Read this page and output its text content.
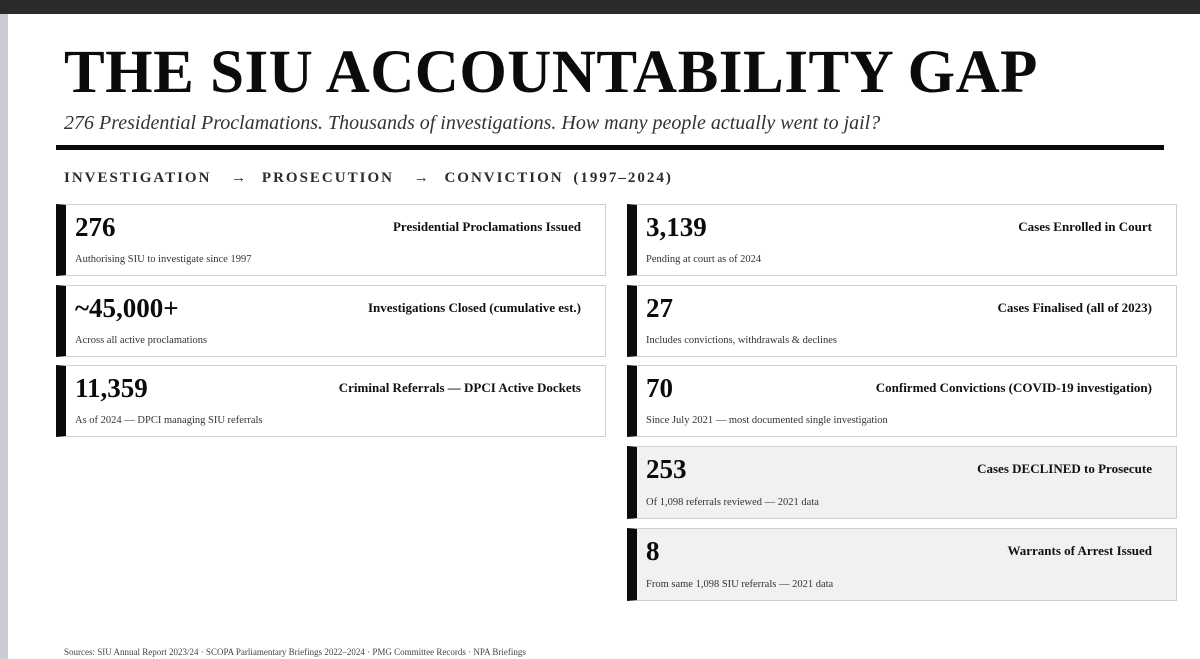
THE SIU ACCOUNTABILITY GAP
276 Presidential Proclamations. Thousands of investigations. How many people actually went to jail?
INVESTIGATION → PROSECUTION → CONVICTION (1997–2024)
276	Presidential Proclamations Issued
Authorising SIU to investigate since 1997
~45,000+	Investigations Closed (cumulative est.)
Across all active proclamations
11,359	Criminal Referrals — DPCI Active Dockets
As of 2024 — DPCI managing SIU referrals
3,139	Cases Enrolled in Court
Pending at court as of 2024
27	Cases Finalised (all of 2023)
Includes convictions, withdrawals & declines
70	Confirmed Convictions (COVID-19 investigation)
Since July 2021 — most documented single investigation
253	Cases DECLINED to Prosecute
Of 1,098 referrals reviewed — 2021 data
8	Warrants of Arrest Issued
From same 1,098 SIU referrals — 2021 data
Sources: SIU Annual Report 2023/24 · SCOPA Parliamentary Briefings 2022–2024 · PMG Committee Records · NPA Briefings
